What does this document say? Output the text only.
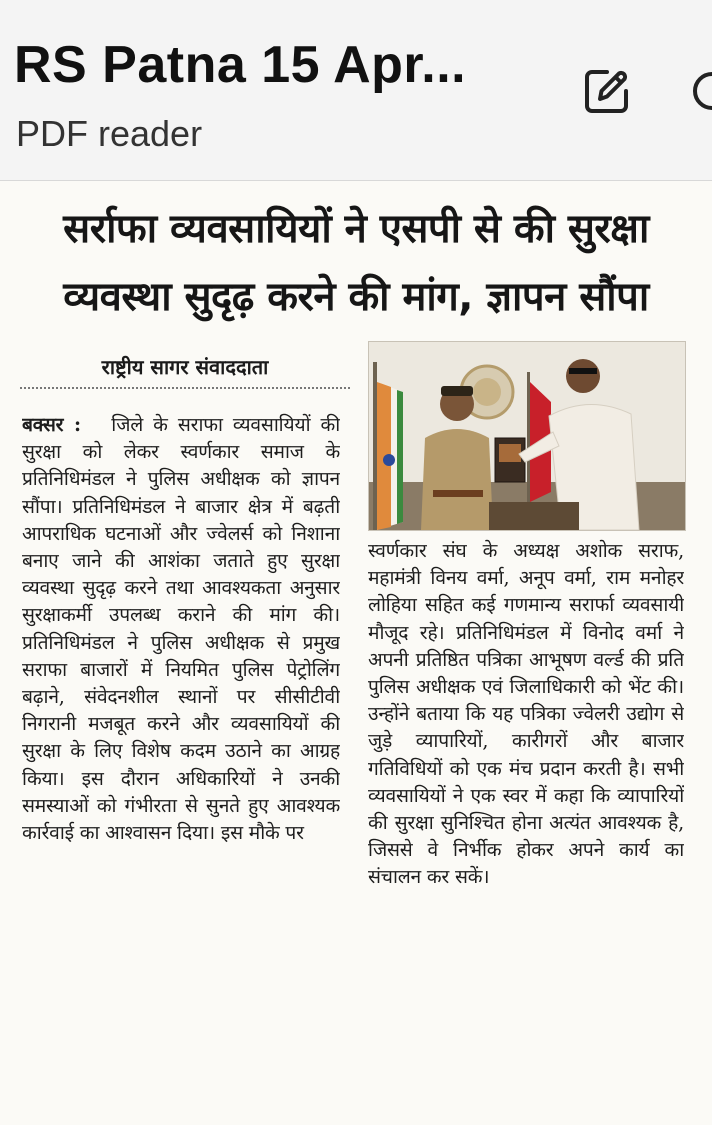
RS Patna 15 Apr...
PDF reader
सर्राफा व्यवसायियों ने एसपी से की सुरक्षा
व्यवस्था सुदृढ़ करने की मांग, ज्ञापन सौंपा
राष्ट्रीय सागर संवाददाता

बक्सर : जिले के सराफा व्यवसायियों की सुरक्षा को लेकर स्वर्णकार समाज के प्रतिनिधिमंडल ने पुलिस अधीक्षक को ज्ञापन सौंपा। प्रतिनिधिमंडल ने बाजार क्षेत्र में बढ़ती आपराधिक घटनाओं और ज्वेलर्स को निशाना बनाए जाने की आशंका जताते हुए सुरक्षा व्यवस्था सुदृढ़ करने तथा आवश्यकता अनुसार सुरक्षाकर्मी उपलब्ध कराने की मांग की। प्रतिनिधिमंडल ने पुलिस अधीक्षक से प्रमुख सराफा बाजारों में नियमित पुलिस पेट्रोलिंग बढ़ाने, संवेदनशील स्थानों पर सीसीटीवी निगरानी मजबूत करने और व्यवसायियों की सुरक्षा के लिए विशेष कदम उठाने का आग्रह किया। इस दौरान अधिकारियों ने उनकी समस्याओं को गंभीरता से सुनते हुए आवश्यक कार्रवाई का आश्वासन दिया। इस मौके पर

स्वर्णकार संघ के अध्यक्ष अशोक सराफ, महामंत्री विनय वर्मा, अनूप वर्मा, राम मनोहर लोहिया सहित कई गणमान्य सरार्फा व्यवसायी मौजूद रहे। प्रतिनिधिमंडल में विनोद वर्मा ने अपनी प्रतिष्ठित पत्रिका आभूषण वर्ल्ड की प्रति पुलिस अधीक्षक एवं जिलाधिकारी को भेंट की। उन्होंने बताया कि यह पत्रिका ज्वेलरी उद्योग से जुड़े व्यापारियों, कारीगरों और बाजार गतिविधियों को एक मंच प्रदान करती है। सभी व्यवसायियों ने एक स्वर में कहा कि व्यापारियों की सुरक्षा सुनिश्चित होना अत्यंत आवश्यक है, जिससे वे निर्भीक होकर अपने कार्य का संचालन कर सकें।
